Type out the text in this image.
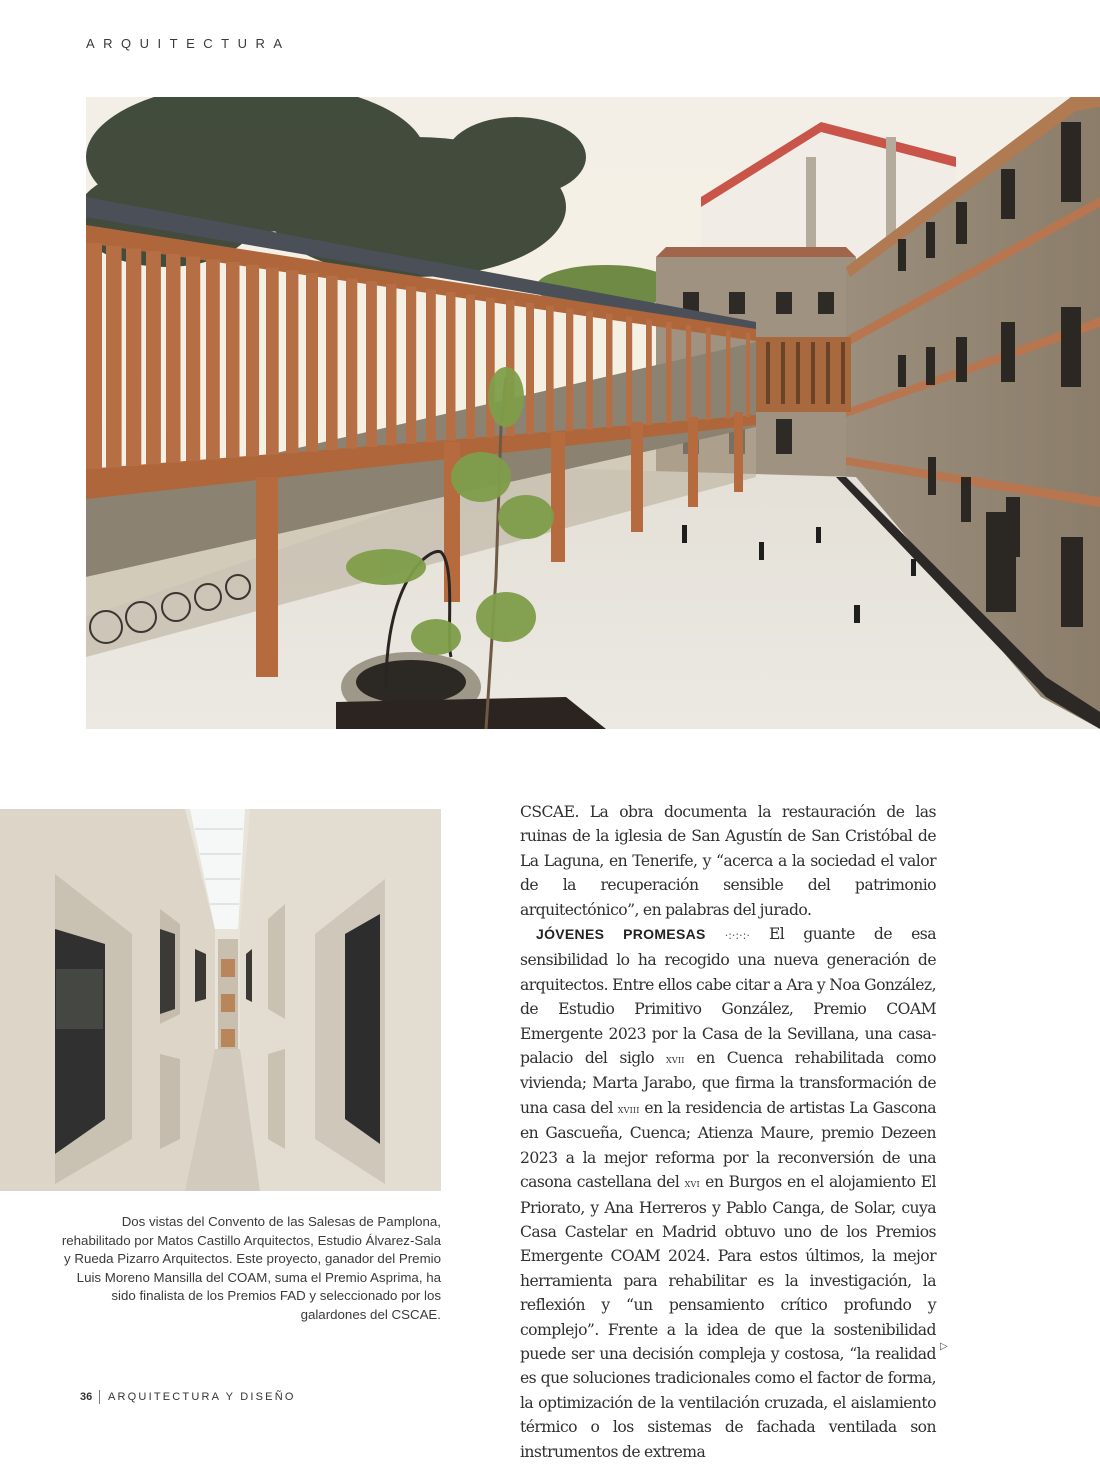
ARQUITECTURA
Dos vistas del Convento de las Salesas de Pamplona, rehabilitado por Matos Castillo Arquitectos, Estudio Álvarez-Sala y Rueda Pizarro Arquitectos. Este proyecto, ganador del Premio Luis Moreno Mansilla del COAM, suma el Premio Asprima, ha sido finalista de los Premios FAD y seleccionado por los galardones del CSCAE.

CSCAE. La obra documenta la restauración de las ruinas de la iglesia de San Agustín de San Cristóbal de La Laguna, en Tenerife, y “acerca a la sociedad el valor de la recuperación sensible del patrimonio arquitectónico”, en palabras del jurado.

JÓVENES PROMESAS ·:·:·:· El guante de esa sensibilidad lo ha recogido una nueva generación de arquitectos. Entre ellos cabe citar a Ara y Noa González, de Estudio Primitivo González, Premio COAM Emergente 2023 por la Casa de la Sevillana, una casa-palacio del siglo xvii en Cuenca rehabilitada como vivienda; Marta Jarabo, que firma la transformación de una casa del xviii en la residencia de artistas La Gascona en Gascueña, Cuenca; Atienza Maure, premio Dezeen 2023 a la mejor reforma por la reconversión de una casona castellana del xvi en Burgos en el alojamiento El Priorato, y Ana Herreros y Pablo Canga, de Solar, cuya Casa Castelar en Madrid obtuvo uno de los Premios Emergente COAM 2024. Para estos últimos, la mejor herramienta para rehabilitar es la investigación, la reflexión y “un pensamiento crítico profundo y complejo”. Frente a la idea de que la sostenibilidad puede ser una decisión compleja y costosa, “la realidad es que soluciones tradicionales como el factor de forma, la optimización de la ventilación cruzada, el aislamiento térmico o los sistemas de fachada ventilada son instrumentos de extrema

▷
36 ARQUITECTURA Y DISEÑO
